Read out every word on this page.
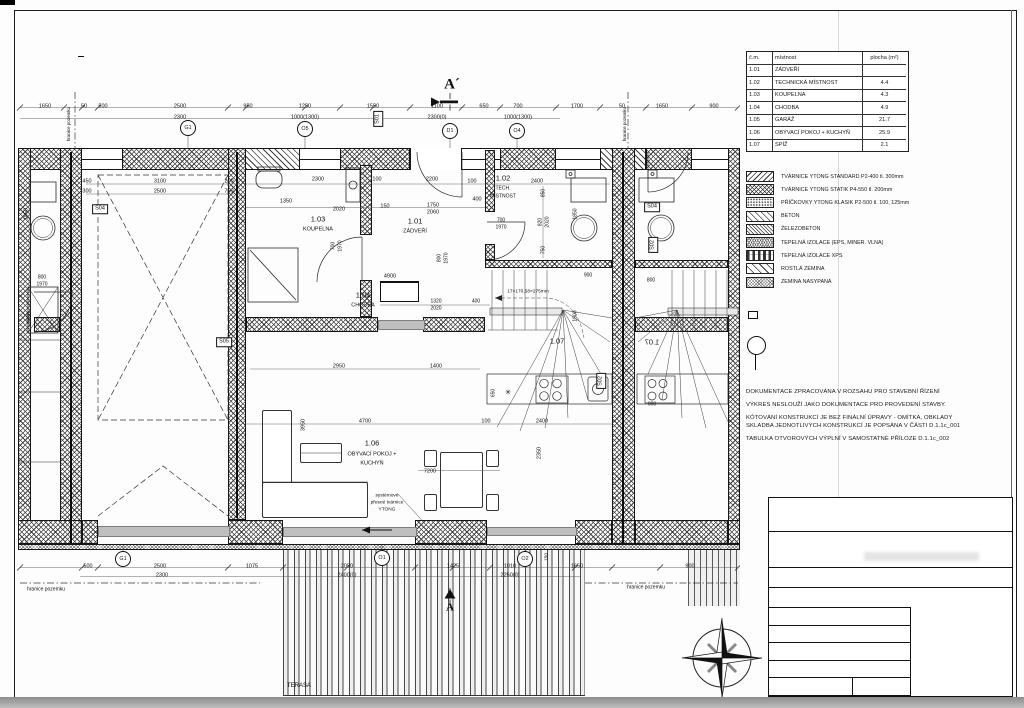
1650	50 500	2500	950	1250	1550	1100	650	700	1700	50	1650	900
2300	1000(1300)	2300(0)	1000(1300)
hranice pozemku	hranice pozemku
450	3100	200
300	2500	750
1850
1900
800
1970
2300	100
1350
2020	150
1.03
KOUPELNA
700 1970
2200	100
1750
2060
400
1.01
ZÁDVEŘÍ
800 1970
1.02
TECH.
MÍSTNOST
2400
850
820 2020
750
1850
700
1970
17×170,58×275mm
1.07
900
800
1900
1.07
900
4900
1.04
CHODBA
1320
2020
400
2950	1400
1.06
OBÝVACÍ POKOJ +
KUCHYŇ
4700	100	2400
7200
3950
2350
650 ✳
systémové
přesné tvárnice
YTONG
500	2500	1075
2300
2050
2400(0)
1425	1010
2250(0)
1650	900
hranice pozemku	hranice pozemku
TERASA
150
A´
A
S04
S05
S02
S04
S02
S01
G1	O5	D1	O4
G1	O1	O2
č.m.	místnost	plocha (m²)
1.01	ZÁDVEŘÍ
1.02	TECHNICKÁ MÍSTNOST	4.4
1.03	KOUPELNA	4.3
1.04	CHODBA	4.9
1.05	GARÁŽ	21.7
1.06	OBÝVACÍ POKOJ + KUCHYŇ	25.9
1.07	SPÍŽ	2.1
TVÁRNICE YTONG STANDARD P2-400 tl. 300mm
TVÁRNICE YTONG STATIK P4-550 tl. 200mm
PŘÍČKOVKY YTONG KLASIK P2-500 tl. 100, 125mm
BETON
ŽELEZOBETON
TEPELNÁ IZOLACE (EPS, MINER. VLNA)
TEPELNÁ IZOLACE XPS
ROSTLÁ ZEMINA
ZEMINA NASYPANÁ

DOKUMENTACE ZPRACOVÁNA V ROZSAHU PRO STAVEBNÍ ŘÍZENÍ
VÝKRES NESLOUŽÍ JAKO DOKUMENTACE PRO PROVEDENÍ STAVBY.
KÓTOVÁNÍ KONSTRUKCÍ JE BEZ FINÁLNÍ ÚPRAVY - OMÍTKA, OBKLADY
SKLADBA JEDNOTLIVÝCH KONSTRUKCÍ JE POPSÁNA V ČÁSTI D.1.1c_001
TABULKA OTVOROVÝCH VÝPLNÍ V SAMOSTATNÉ PŘÍLOZE D.1.1c_002
